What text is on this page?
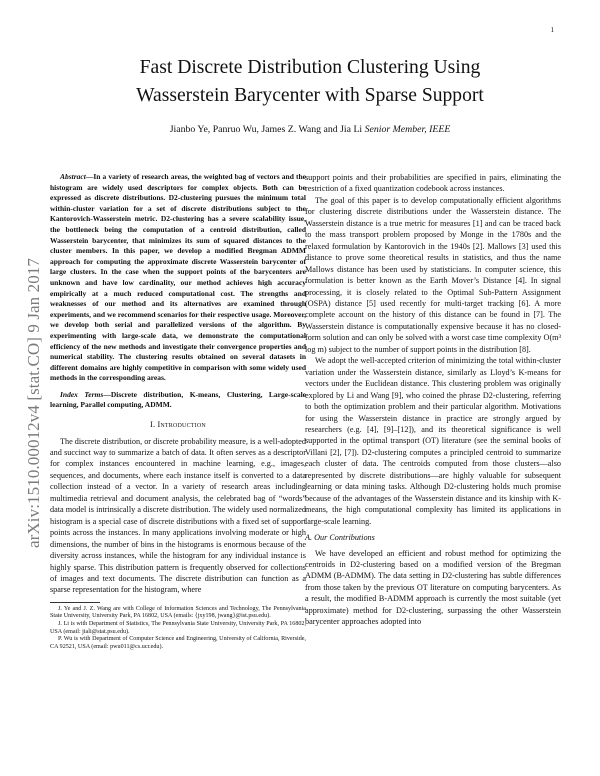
1
arXiv:1510.00012v4 [stat.CO] 9 Jan 2017
Fast Discrete Distribution Clustering Using
Wasserstein Barycenter with Sparse Support
Jianbo Ye, Panruo Wu, James Z. Wang and Jia Li Senior Member, IEEE

Abstract—In a variety of research areas, the weighted bag of vectors and the histogram are widely used descriptors for complex objects. Both can be expressed as discrete distributions. D2-clustering pursues the minimum total within-cluster variation for a set of discrete distributions subject to the Kantorovich-Wasserstein metric. D2-clustering has a severe scalability issue, the bottleneck being the computation of a centroid distribution, called Wasserstein barycenter, that minimizes its sum of squared distances to the cluster members. In this paper, we develop a modified Bregman ADMM approach for computing the approximate discrete Wasserstein barycenter of large clusters. In the case when the support points of the barycenters are unknown and have low cardinality, our method achieves high accuracy empirically at a much reduced computational cost. The strengths and weaknesses of our method and its alternatives are examined through experiments, and we recommend scenarios for their respective usage. Moreover, we develop both serial and parallelized versions of the algorithm. By experimenting with large-scale data, we demonstrate the computational efficiency of the new methods and investigate their convergence properties and numerical stability. The clustering results obtained on several datasets in different domains are highly competitive in comparison with some widely used methods in the corresponding areas.

Index Terms—Discrete distribution, K-means, Clustering, Large-scale learning, Parallel computing, ADMM.

I. Introduction

The discrete distribution, or discrete probability measure, is a well-adopted and succinct way to summarize a batch of data. It often serves as a descriptor for complex instances encountered in machine learning, e.g., images, sequences, and documents, where each instance itself is converted to a data collection instead of a vector. In a variety of research areas including multimedia retrieval and document analysis, the celebrated bag of “words” data model is intrinsically a discrete distribution. The widely used normalized histogram is a special case of discrete distributions with a fixed set of support points across the instances. In many applications involving moderate or high dimensions, the number of bins in the histograms is enormous because of the diversity across instances, while the histogram for any individual instance is highly sparse. This distribution pattern is frequently observed for collections of images and text documents. The discrete distribution can function as a sparse representation for the histogram, where

J. Ye and J. Z. Wang are with College of Information Sciences and Technology, The Pennsylvania State University, University Park, PA 16802, USA (emails: {jxy198, jwang}@ist.psu.edu).

J. Li is with Department of Statistics, The Pennsylvania State University, University Park, PA 16802, USA (email: jiali@stat.psu.edu).

P. Wu is with Department of Computer Science and Engineering, University of California, Riverside, CA 92521, USA (email: pwu011@cs.ucr.edu).

support points and their probabilities are specified in pairs, eliminating the restriction of a fixed quantization codebook across instances.

The goal of this paper is to develop computationally efficient algorithms for clustering discrete distributions under the Wasserstein distance. The Wasserstein distance is a true metric for measures [1] and can be traced back to the mass transport problem proposed by Monge in the 1780s and the relaxed formulation by Kantorovich in the 1940s [2]. Mallows [3] used this distance to prove some theoretical results in statistics, and thus the name Mallows distance has been used by statisticians. In computer science, this formulation is better known as the Earth Mover’s Distance [4]. In signal processing, it is closely related to the Optimal Sub-Pattern Assignment (OSPA) distance [5] used recently for multi-target tracking [6]. A more complete account on the history of this distance can be found in [7]. The Wasserstein distance is computationally expensive because it has no closed-form solution and can only be solved with a worst case time complexity O(m³ log m) subject to the number of support points in the distribution [8].

We adopt the well-accepted criterion of minimizing the total within-cluster variation under the Wasserstein distance, similarly as Lloyd’s K-means for vectors under the Euclidean distance. This clustering problem was originally explored by Li and Wang [9], who coined the phrase D2-clustering, referring to both the optimization problem and their particular algorithm. Motivations for using the Wasserstein distance in practice are strongly argued by researchers (e.g. [4], [9]–[12]), and its theoretical significance is well supported in the optimal transport (OT) literature (see the seminal books of Villani [2], [7]). D2-clustering computes a principled centroid to summarize each cluster of data. The centroids computed from those clusters—also represented by discrete distributions—are highly valuable for subsequent learning or data mining tasks. Although D2-clustering holds much promise because of the advantages of the Wasserstein distance and its kinship with K-means, the high computational complexity has limited its applications in large-scale learning.

A. Our Contributions

We have developed an efficient and robust method for optimizing the centroids in D2-clustering based on a modified version of the Bregman ADMM (B-ADMM). The data setting in D2-clustering has subtle differences from those taken by the previous OT literature on computing barycenters. As a result, the modified B-ADMM approach is currently the most suitable (yet approximate) method for D2-clustering, surpassing the other Wasserstein barycenter approaches adopted into
